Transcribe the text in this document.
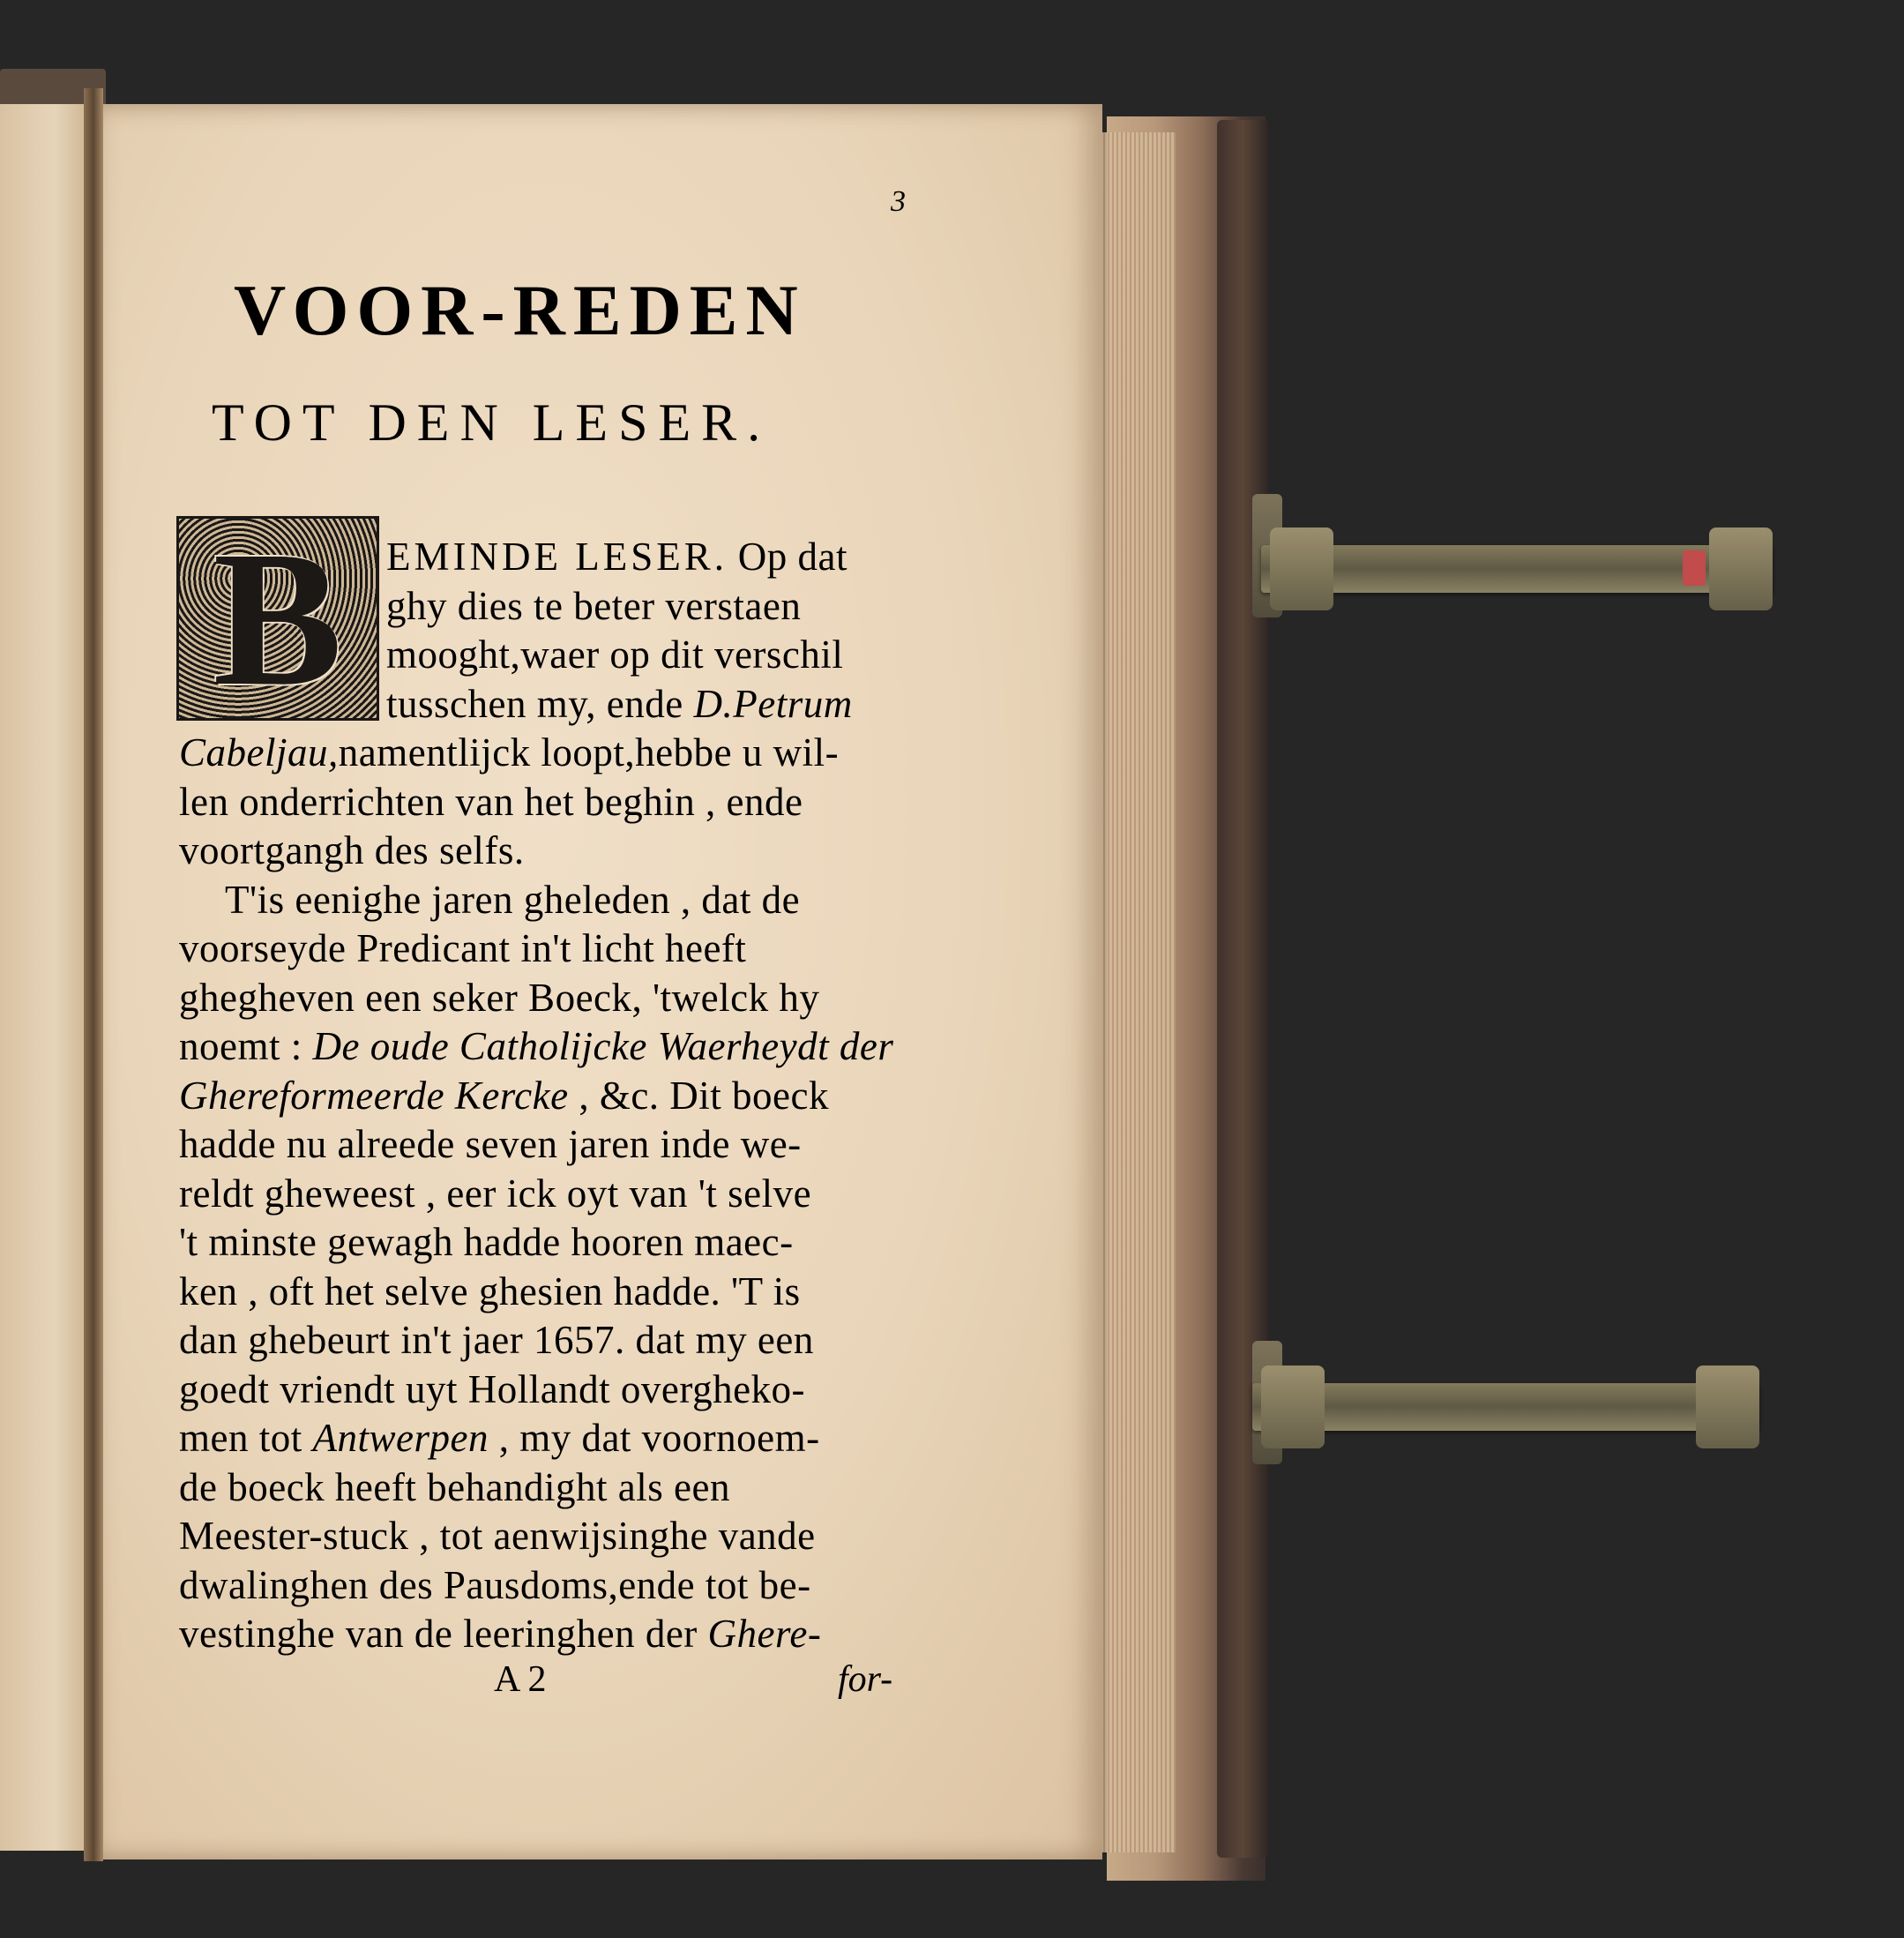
3
VOOR-REDEN
TOT DEN LESER.
B EMINDE LESER. Op dat
ghy dies te beter verstaen
mooght,waer op dit verschil
tusschen my, ende D.Petrum
Cabeljau,namentlijck loopt,hebbe u wil-
len onderrichten van het beghin , ende
voortgangh des selfs.
T'is eenighe jaren gheleden , dat de
voorseyde Predicant in't licht heeft
ghegheven een seker Boeck, 'twelck hy
noemt : De oude Catholijcke Waerheydt der
Ghereformeerde Kercke , &c. Dit boeck
hadde nu alreede seven jaren inde we-
reldt gheweest , eer ick oyt van 't selve
't minste gewagh hadde hooren maec-
ken , oft het selve ghesien hadde. 'T is
dan ghebeurt in't jaer 1657. dat my een
goedt vriendt uyt Hollandt overgheko-
men tot Antwerpen , my dat voornoem-
de boeck heeft behandight als een
Meester-stuck , tot aenwijsinghe vande
dwalinghen des Pausdoms,ende tot be-
vestinghe van de leeringhen der Ghere-
A 2	for-
